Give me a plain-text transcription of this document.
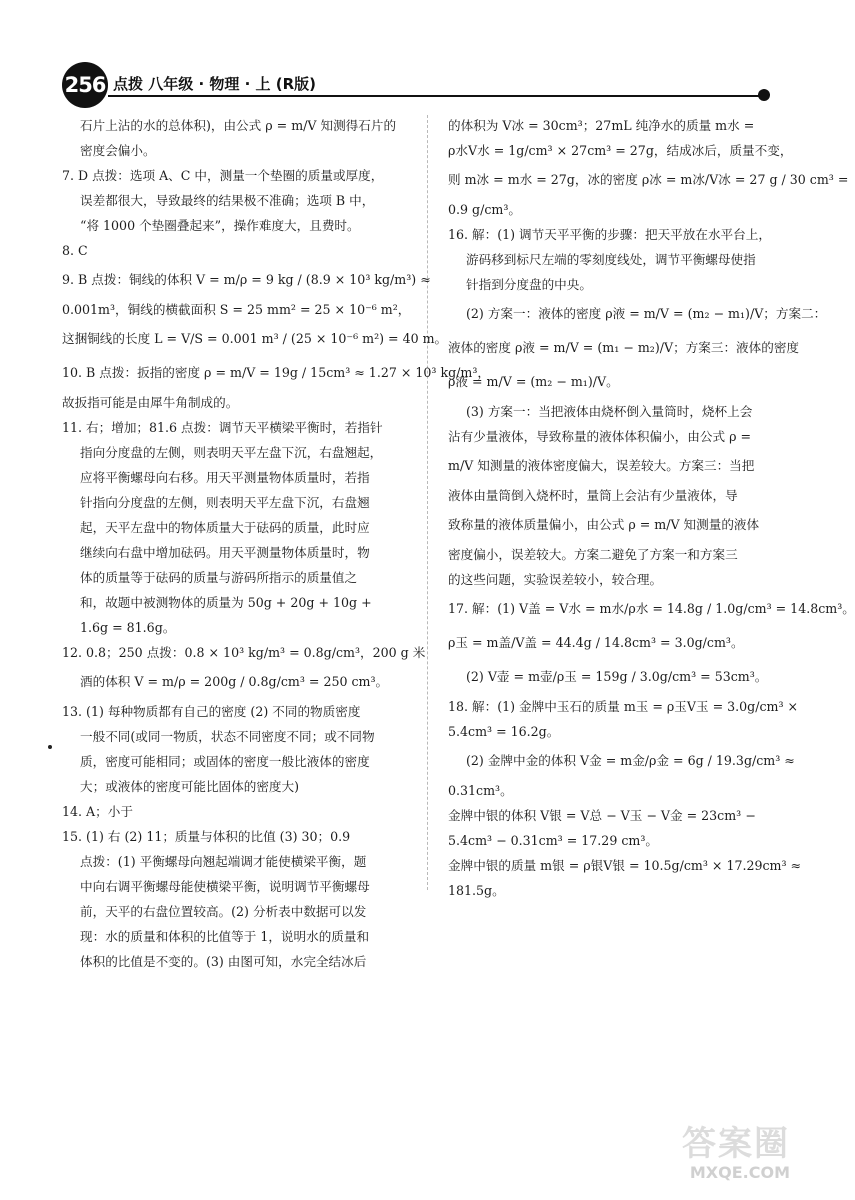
256 点拨 八年级 · 物理 · 上 (R版)
石片上沾的水的总体积)，由公式 ρ = m/V 知测得石片的
密度会偏小。
7. D 点拨：选项 A、C 中，测量一个垫圈的质量或厚度，
误差都很大，导致最终的结果极不准确；选项 B 中，
“将 1000 个垫圈叠起来”，操作难度大，且费时。
8. C
9. B 点拨：铜线的体积 V = m/ρ = 9 kg / (8.9 × 10³ kg/m³) ≈
0.001m³，铜线的横截面积 S = 25 mm² = 25 × 10⁻⁶ m²，
这捆铜线的长度 L = V/S = 0.001 m³ / (25 × 10⁻⁶ m²) = 40 m。
10. B 点拨：扳指的密度 ρ = m/V = 19g / 15cm³ ≈ 1.27 × 10³ kg/m³，
故扳指可能是由犀牛角制成的。
11. 右；增加；81.6 点拨：调节天平横梁平衡时，若指针
指向分度盘的左侧，则表明天平左盘下沉，右盘翘起，
应将平衡螺母向右移。用天平测量物体质量时，若指
针指向分度盘的左侧，则表明天平左盘下沉，右盘翘
起，天平左盘中的物体质量大于砝码的质量，此时应
继续向右盘中增加砝码。用天平测量物体质量时，物
体的质量等于砝码的质量与游码所指示的质量值之
和，故题中被测物体的质量为 50g + 20g + 10g +
1.6g = 81.6g。
12. 0.8；250 点拨：0.8 × 10³ kg/m³ = 0.8g/cm³，200 g 米
酒的体积 V = m/ρ = 200g / 0.8g/cm³ = 250 cm³。
13. (1) 每种物质都有自己的密度 (2) 不同的物质密度
一般不同(或同一物质，状态不同密度不同；或不同物
质，密度可能相同；或固体的密度一般比液体的密度
大；或液体的密度可能比固体的密度大)
14. A；小于
15. (1) 右 (2) 11；质量与体积的比值 (3) 30；0.9
点拨：(1) 平衡螺母向翘起端调才能使横梁平衡，题
中向右调平衡螺母能使横梁平衡，说明调节平衡螺母
前，天平的右盘位置较高。(2) 分析表中数据可以发
现：水的质量和体积的比值等于 1，说明水的质量和
体积的比值是不变的。(3) 由图可知，水完全结冰后
的体积为 V冰 = 30cm³；27mL 纯净水的质量 m水 =
ρ水V水 = 1g/cm³ × 27cm³ = 27g，结成冰后，质量不变，
则 m冰 = m水 = 27g，冰的密度 ρ冰 = m冰/V冰 = 27 g / 30 cm³ =
0.9 g/cm³。
16. 解：(1) 调节天平平衡的步骤：把天平放在水平台上，
游码移到标尺左端的零刻度线处，调节平衡螺母使指
针指到分度盘的中央。
(2) 方案一：液体的密度 ρ液 = m/V = (m₂ − m₁)/V；方案二：
液体的密度 ρ液 = m/V = (m₁ − m₂)/V；方案三：液体的密度
ρ液 = m/V = (m₂ − m₁)/V。
(3) 方案一：当把液体由烧杯倒入量筒时，烧杯上会
沾有少量液体，导致称量的液体体积偏小，由公式 ρ =
m/V 知测量的液体密度偏大，误差较大。方案三：当把
液体由量筒倒入烧杯时，量筒上会沾有少量液体，导
致称量的液体质量偏小，由公式 ρ = m/V 知测量的液体
密度偏小，误差较大。方案二避免了方案一和方案三
的这些问题，实验误差较小，较合理。
17. 解：(1) V盖 = V水 = m水/ρ水 = 14.8g / 1.0g/cm³ = 14.8cm³。
ρ玉 = m盖/V盖 = 44.4g / 14.8cm³ = 3.0g/cm³。
(2) V壶 = m壶/ρ玉 = 159g / 3.0g/cm³ = 53cm³。
18. 解：(1) 金牌中玉石的质量 m玉 = ρ玉V玉 = 3.0g/cm³ ×
5.4cm³ = 16.2g。
(2) 金牌中金的体积 V金 = m金/ρ金 = 6g / 19.3g/cm³ ≈
0.31cm³。
金牌中银的体积 V银 = V总 − V玉 − V金 = 23cm³ −
5.4cm³ − 0.31cm³ = 17.29 cm³。
金牌中银的质量 m银 = ρ银V银 = 10.5g/cm³ × 17.29cm³ ≈
181.5g。
答案圈
MXQE.COM
